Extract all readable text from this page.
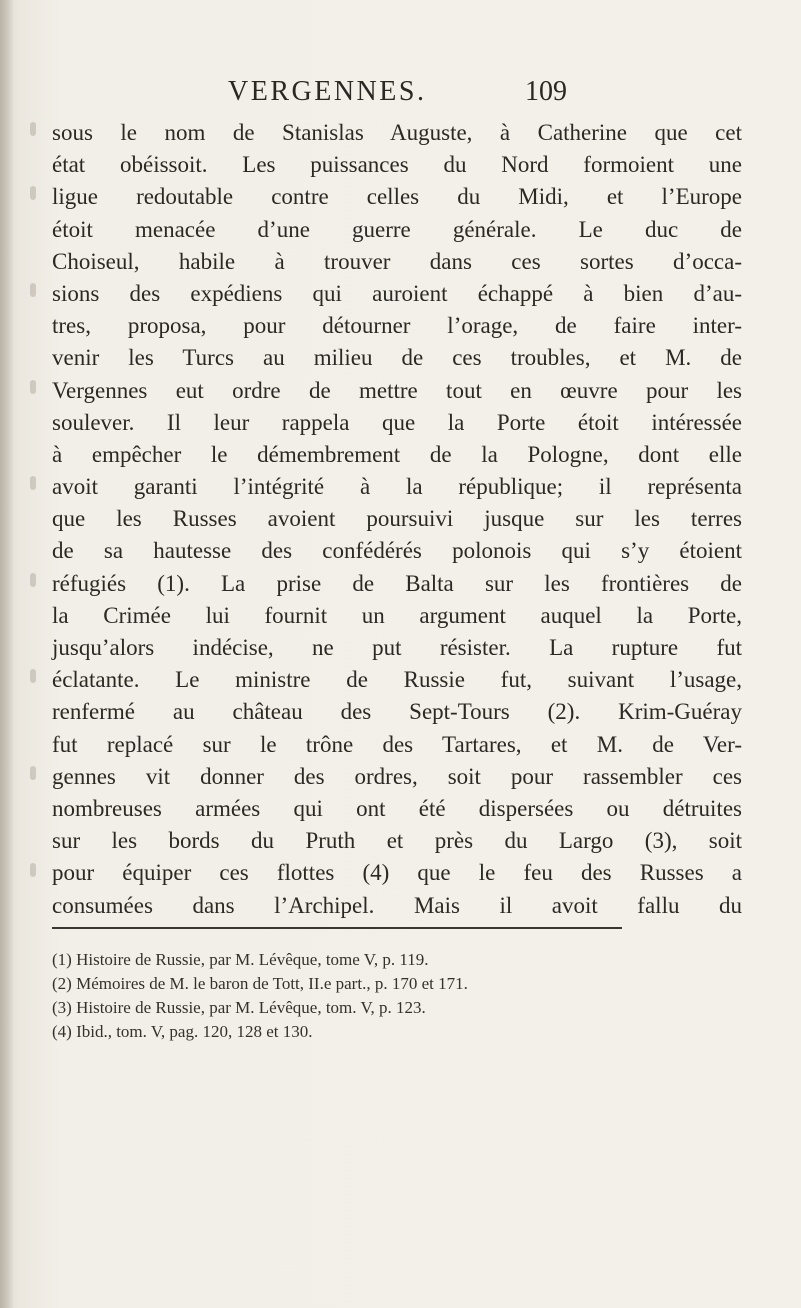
VERGENNES.	109
sous le nom de Stanislas Auguste, à Catherine que cet
état obéissoit. Les puissances du Nord formoient une
ligue redoutable contre celles du Midi, et l’Europe
étoit menacée d’une guerre générale. Le duc de
Choiseul, habile à trouver dans ces sortes d’occa-
sions des expédiens qui auroient échappé à bien d’au-
tres, proposa, pour détourner l’orage, de faire inter-
venir les Turcs au milieu de ces troubles, et M. de
Vergennes eut ordre de mettre tout en œuvre pour les
soulever. Il leur rappela que la Porte étoit intéressée
à empêcher le démembrement de la Pologne, dont elle
avoit garanti l’intégrité à la république; il représenta
que les Russes avoient poursuivi jusque sur les terres
de sa hautesse des confédérés polonois qui s’y étoient
réfugiés (1). La prise de Balta sur les frontières de
la Crimée lui fournit un argument auquel la Porte,
jusqu’alors indécise, ne put résister. La rupture fut
éclatante. Le ministre de Russie fut, suivant l’usage,
renfermé au château des Sept-Tours (2). Krim-Guéray
fut replacé sur le trône des Tartares, et M. de Ver-
gennes vit donner des ordres, soit pour rassembler ces
nombreuses armées qui ont été dispersées ou détruites
sur les bords du Pruth et près du Largo (3), soit
pour équiper ces flottes (4) que le feu des Russes a
consumées dans l’Archipel. Mais il avoit fallu du
(1) Histoire de Russie, par M. Lévêque, tome V, p. 119.
(2) Mémoires de M. le baron de Tott, II.e part., p. 170 et 171.
(3) Histoire de Russie, par M. Lévêque, tom. V, p. 123.
(4) Ibid., tom. V, pag. 120, 128 et 130.
